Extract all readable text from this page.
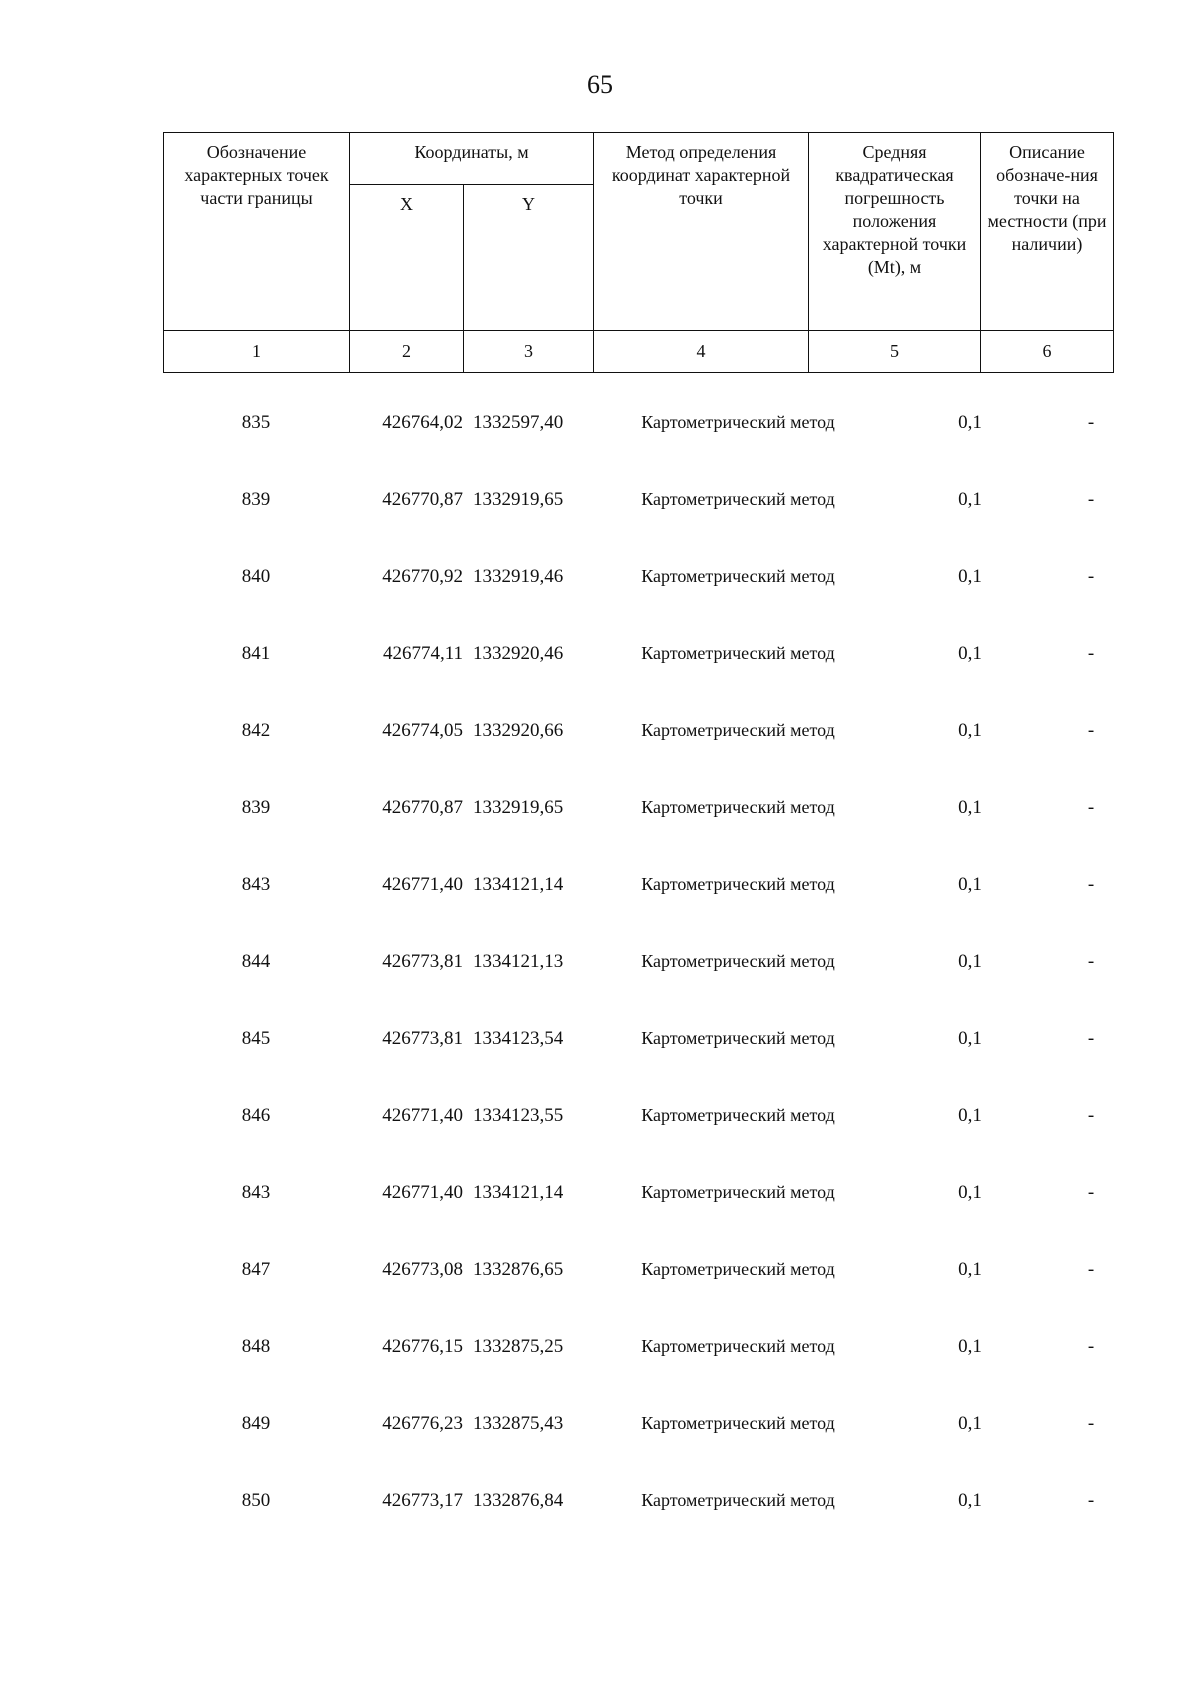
65
Обозначение характерных точек части границы	Координаты, м		Метод определения координат характерной точки	Средняя квадратическая погрешность положения характерной точки (Mt), м	Описание обозначе-ния точки на местности (при наличии)
	X	Y			
1	2	3	4	5	6
835	426764,02 1332597,40	Картометрический метод	0,1	-
839	426770,87 1332919,65	Картометрический метод	0,1	-
840	426770,92 1332919,46	Картометрический метод	0,1	-
841	426774,11 1332920,46	Картометрический метод	0,1	-
842	426774,05 1332920,66	Картометрический метод	0,1	-
839	426770,87 1332919,65	Картометрический метод	0,1	-
843	426771,40 1334121,14	Картометрический метод	0,1	-
844	426773,81 1334121,13	Картометрический метод	0,1	-
845	426773,81 1334123,54	Картометрический метод	0,1	-
846	426771,40 1334123,55	Картометрический метод	0,1	-
843	426771,40 1334121,14	Картометрический метод	0,1	-
847	426773,08 1332876,65	Картометрический метод	0,1	-
848	426776,15 1332875,25	Картометрический метод	0,1	-
849	426776,23 1332875,43	Картометрический метод	0,1	-
850	426773,17 1332876,84	Картометрический метод	0,1	-
